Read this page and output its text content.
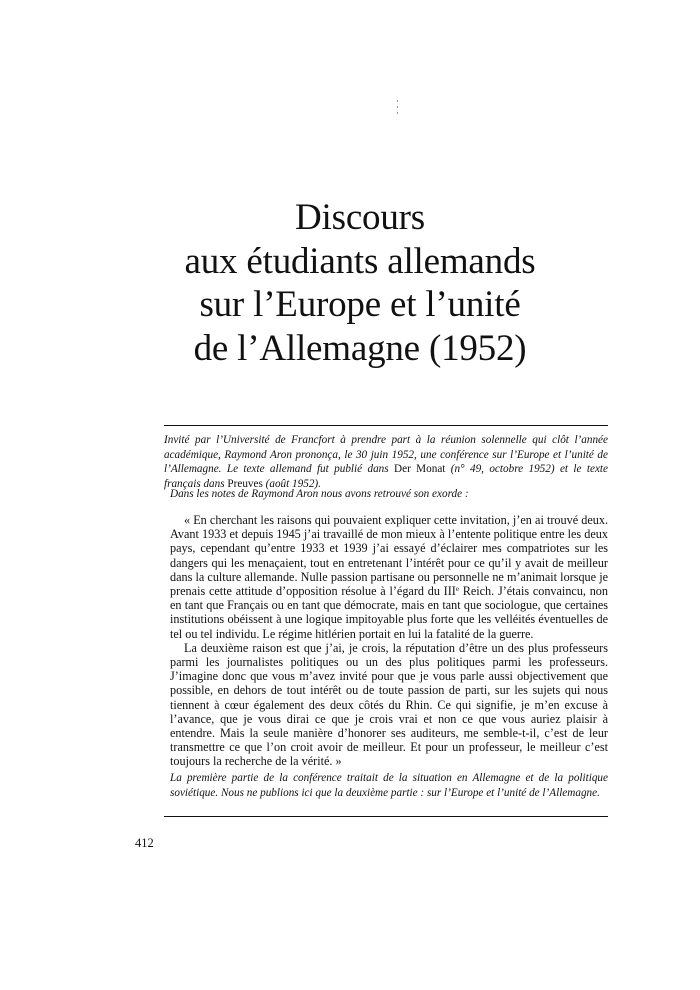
Discours
aux étudiants allemands
sur l’Europe et l’unité
de l’Allemagne (1952)

Invité par l’Université de Francfort à prendre part à la réunion solennelle qui clôt l’année académique, Raymond Aron prononça, le 30 juin 1952, une conférence sur l’Europe et l’unité de l’Allemagne. Le texte allemand fut publié dans Der Monat (n° 49, octobre 1952) et le texte français dans Preuves (août 1952).

Dans les notes de Raymond Aron nous avons retrouvé son exorde :

« En cherchant les raisons qui pouvaient expliquer cette invitation, j’en ai trouvé deux. Avant 1933 et depuis 1945 j’ai travaillé de mon mieux à l’entente politique entre les deux pays, cependant qu’entre 1933 et 1939 j’ai essayé d’éclairer mes compatriotes sur les dangers qui les menaçaient, tout en entretenant l’intérêt pour ce qu’il y avait de meilleur dans la culture allemande. Nulle passion partisane ou personnelle ne m’animait lorsque je prenais cette attitude d’opposition résolue à l’égard du IIIe Reich. J’étais convaincu, non en tant que Français ou en tant que démocrate, mais en tant que sociologue, que certaines institutions obéissent à une logique impitoyable plus forte que les velléités éventuelles de tel ou tel individu. Le régime hitlérien portait en lui la fatalité de la guerre.

La deuxième raison est que j’ai, je crois, la réputation d’être un des plus professeurs parmi les journalistes politiques ou un des plus politiques parmi les professeurs. J’imagine donc que vous m’avez invité pour que je vous parle aussi objectivement que possible, en dehors de tout intérêt ou de toute passion de parti, sur les sujets qui nous tiennent à cœur également des deux côtés du Rhin. Ce qui signifie, je m’en excuse à l’avance, que je vous dirai ce que je crois vrai et non ce que vous auriez plaisir à entendre. Mais la seule manière d’honorer ses auditeurs, me semble-t-il, c’est de leur transmettre ce que l’on croit avoir de meilleur. Et pour un professeur, le meilleur c’est toujours la recherche de la vérité. »

La première partie de la conférence traitait de la situation en Allemagne et de la politique soviétique. Nous ne publions ici que la deuxième partie : sur l’Europe et l’unité de l’Allemagne.

412
